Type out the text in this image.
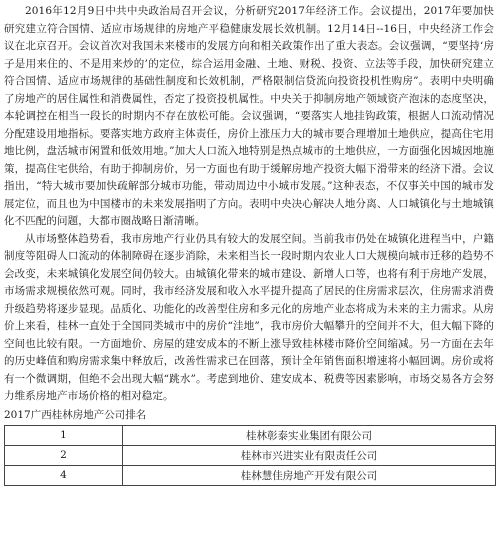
2016年12月9日中共中央政治局召开会议，分析研究2017年经济工作。会议提出，2017年要加快研究建立符合国情、适应市场规律的房地产平稳健康发展长效机制。12月14日--16日，中央经济工作会议在北京召开。会议首次对我国未来楼市的发展方向和相关政策作出了重大表态。会议强调，“要坚持‘房子是用来住的、不是用来炒的’的定位，综合运用金融、土地、财税、投资、立法等手段，加快研究建立符合国情、适应市场规律的基础性制度和长效机制，严格限制信贷流向投资投机性购房”。表明中央明确了房地产的居住属性和消费属性，否定了投资投机属性。中央关于抑制房地产领域资产泡沫的态度坚决，本轮调控在相当一段长的时期内不存在放松可能。会议强调，“要落实人地挂钩政策，根据人口流动情况分配建设用地指标。要落实地方政府主体责任，房价上涨压力大的城市要合理增加土地供应，提高住宅用地比例，盘活城市闲置和低效用地。”加大人口流入地特别是热点城市的土地供应，一方面强化因城因地施策，提高住宅供给，有助于抑制房价，另一方面也有助于缓解房地产投资大幅下滑带来的经济下滑。会议指出，“特大城市要加快疏解部分城市功能，带动周边中小城市发展。”这种表态，不仅事关中国的城市发展定位，而且也为中国楼市的未来发展指明了方向。表明中央决心解决人地分离、人口城镇化与土地城镇化不匹配的问题，大都市圈战略日渐清晰。

从市场整体趋势看，我市房地产行业仍具有较大的发展空间。当前我市仍处在城镇化进程当中，户籍制度等阻碍人口流动的体制障碍在逐步消除，未来相当长一段时期内农业人口大规模向城市迁移的趋势不会改变，未来城镇化发展空间仍较大。由城镇化带来的城市建设、新增人口等，也将有利于房地产发展，市场需求规模依然可观。同时，我市经济发展和收入水平提升提高了居民的住房需求层次，住房需求消费升级趋势将逐步显现。品质化、功能化的改善型住房和多元化的房地产业态将成为未来的主力需求。从房价上来看，桂林一直处于全国同类城市中的房价“洼地”，我市房价大幅攀升的空间并不大，但大幅下降的空间也比较有限。一方面地价、房屋的建安成本的不断上涨导致桂林楼市降价空间缩减。另一方面在去年的历史峰值和购房需求集中释放后，改善性需求已在回落，预计全年销售面积增速将小幅回调。房价或将有一个微调期，但绝不会出现大幅“跳水”。考虑到地价、建安成本、税费等因素影响，市场交易各方会努力维系房地产市场价格的相对稳定。

2017广西桂林房地产公司排名
1	桂林彰泰实业集团有限公司
2	桂林市兴进实业有限责任公司
4	桂林慧佳房地产开发有限公司
